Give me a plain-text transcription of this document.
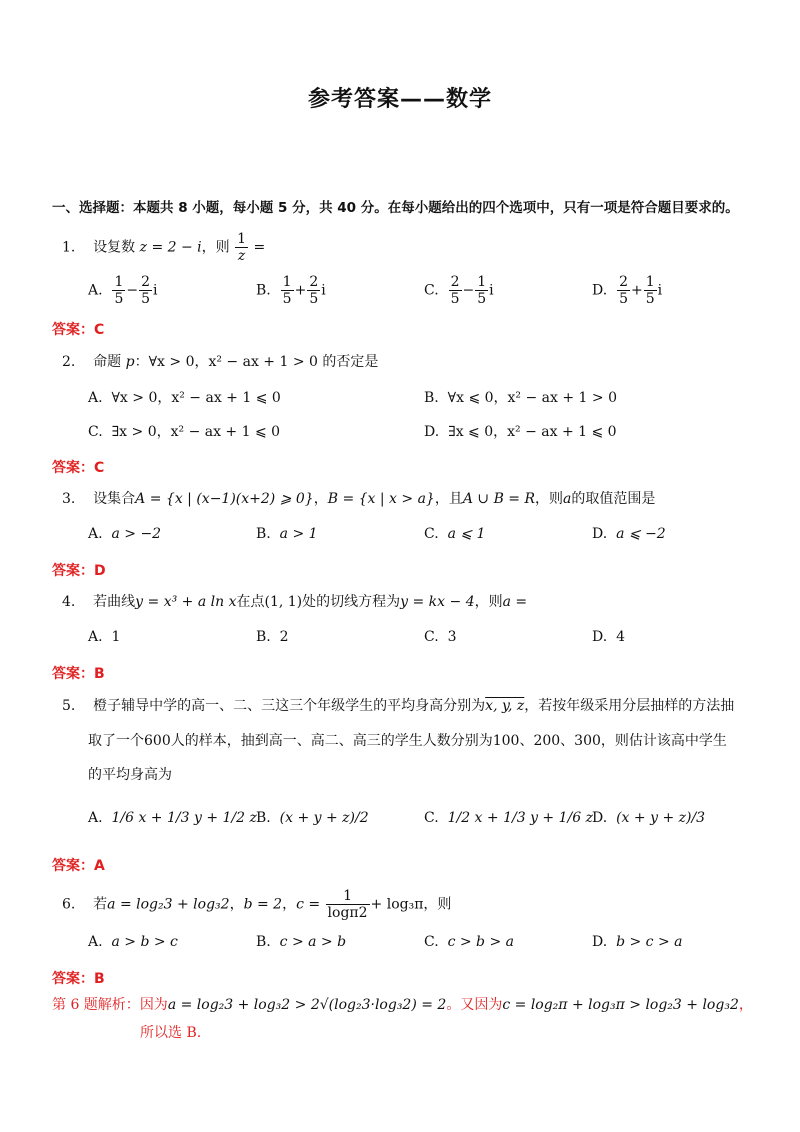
参考答案——数学
一、选择题：本题共 8 小题，每小题 5 分，共 40 分。在每小题给出的四个选项中，只有一项是符合题目要求的。
1. 设复数 z = 2 − i，则 $\frac{1}{z}$ =
A. $\frac{1}{5} - \frac{2}{5}$ i	B. $\frac{1}{5} + \frac{2}{5}$ i	C. $\frac{2}{5} - \frac{1}{5}$ i	D. $\frac{2}{5} + \frac{1}{5}$ i
答案：C
2. 命题 p：∀x > 0，x² − ax + 1 > 0 的否定是
A. ∀x > 0，x² − ax + 1 ⩽ 0	B. ∀x ⩽ 0，x² − ax + 1 > 0
C. ∃x > 0，x² − ax + 1 ⩽ 0	D. ∃x ⩽ 0，x² − ax + 1 ⩽ 0
答案：C
3. 设集合A = {x | (x−1)(x+2) ⩾ 0}，B = {x | x > a}，且A ∪ B = R，则a的取值范围是
A. a > −2	B. a > 1	C. a ⩽ 1	D. a ⩽ −2
答案：D
4. 若曲线y = x³ + a ln x在点(1, 1)处的切线方程为y = kx − 4，则a =
A. 1	B. 2	C. 3	D. 4
答案：B
5. 橙子辅导中学的高一、二、三这三个年级学生的平均身高分别为x, y, z，若按年级采用分层抽样的方法抽
取了一个600人的样本，抽到高一、高二、高三的学生人数分别为100、200、300，则估计该高中学生
的平均身高为
A. 1/6 x + 1/3 y + 1/2 z B. (x + y + z)/2	C. 1/2 x + 1/3 y + 1/6 z D. (x + y + z)/3
答案：A
6. 若a = log₂3 + log₃2，b = 2，$c = \frac{1}{\log\pi 2} + \log_3\pi$，则
A. a > b > c	B. c > a > b	C. c > b > a	D. b > c > a
答案：B
第 6 题解析：因为a = log₂3 + log₃2 > 2√(log₂3·log₃2) = 2。又因为c = log₂π + log₃π > log₂3 + log₃2，
所以选 B.
